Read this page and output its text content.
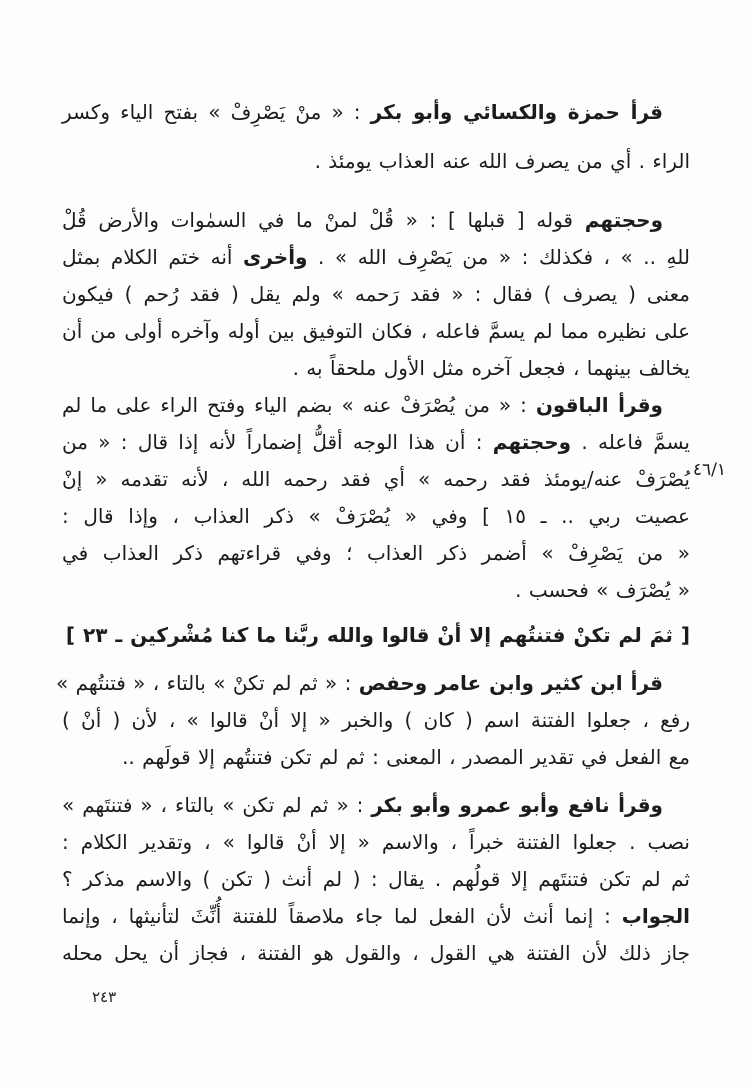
قرأ حمزة والكسائي وأبو بكر : « منْ يَصْرِفْ » بفتح الياء وكسر
الراء . أي من يصرف الله عنه العذاب يومئذ .
وحجتهم قوله [ قبلها ] : « قُلْ لمنْ ما في السمٰوات والأرض قُلْ
للهِ .. » ، فكذلك : « من يَصْرِف الله » . وأخرى أنه ختم الكلام بمثل
معنى ( يصرف ) فقال : « فقد رَحمه » ولم يقل ( فقد رُحم ) فيكون
على نظيره مما لم يسمَّ فاعله ، فكان التوفيق بين أوله وآخره أولى من أن
يخالف بينهما ، فجعل آخره مثل الأول ملحقاً به .
وقرأ الباقون : « من يُصْرَفْ عنه » بضم الياء وفتح الراء على ما لم
يسمَّ فاعله . وحجتهم : أن هذا الوجه أقلُّ إضماراً لأنه إذا قال : « من
يُصْرَفْ عنه/يومئذ فقد رحمه » أي فقد رحمه الله ، لأنه تقدمه « إنْ
عصيت ربي .. ـ ١٥ ] وفي « يُصْرَفْ » ذكر العذاب ، وإذا قال :
« من يَصْرِفْ » أضمر ذكر العذاب ؛ وفي قراءتهم ذكر العذاب في
« يُصْرَف » فحسب .
[ ثمَ لم تكنْ فتنتُهم إلا أنْ قالوا والله ربَّنا ما كنا مُشْركين ـ ٢٣ ]
قرأ ابن كثير وابن عامر وحفص : « ثم لم تكنْ » بالتاء ، « فتنتُهم »
رفع ، جعلوا الفتنة اسم ( كان ) والخبر « إلا أنْ قالوا » ، لأن ( أنْ )
مع الفعل في تقدير المصدر ، المعنى : ثم لم تكن فتنتُهم إلا قولَهم ..
وقرأ نافع وأبو عمرو وأبو بكر : « ثم لم تكن » بالتاء ، « فتنتَهم »
نصب . جعلوا الفتنة خبراً ، والاسم « إلا أنْ قالوا » ، وتقدير الكلام :
ثم لم تكن فتنتَهم إلا قولُهم . يقال : ( لم أنث ( تكن ) والاسم مذكر ؟
الجواب : إنما أنث لأن الفعل لما جاء ملاصقاً للفتنة أُنِّثَ لتأنيثها ، وإنما
جاز ذلك لأن الفتنة هي القول ، والقول هو الفتنة ، فجاز أن يحل محله
٤٦/١
٢٤٣
